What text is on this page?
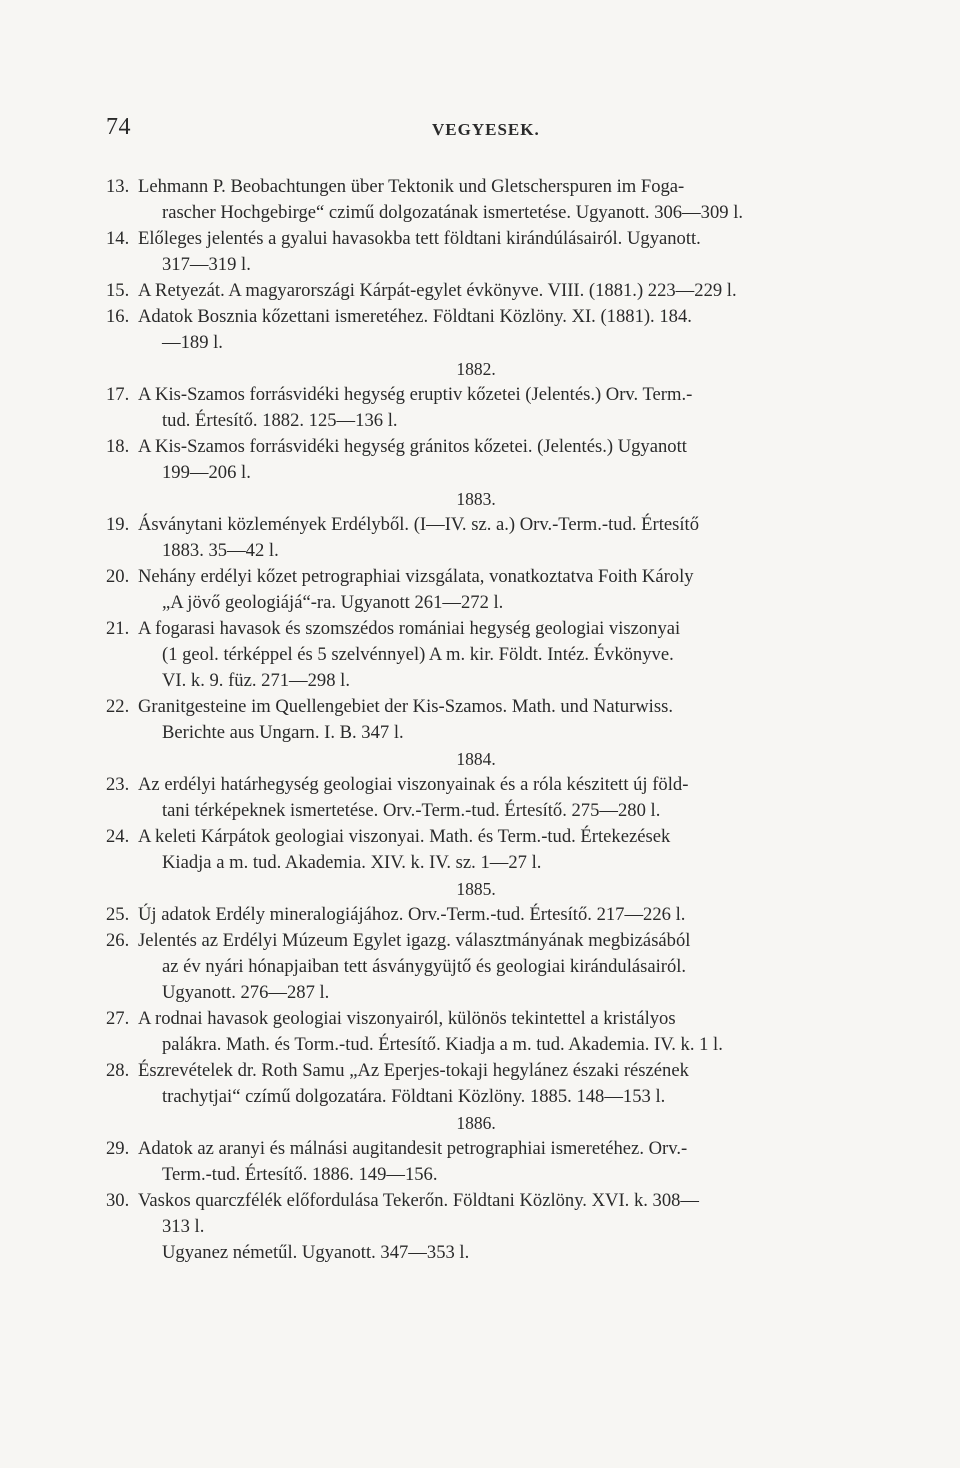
74	VEGYESEK.
13. Lehmann P. Beobachtungen über Tektonik und Gletscherspuren im Foga-
rascher Hochgebirge“ czimű dolgozatának ismertetése. Ugyanott. 306—309 l.
14. Előleges jelentés a gyalui havasokba tett földtani kirándúlásairól. Ugyanott.
317—319 l.
15. A Retyezát. A magyarországi Kárpát-egylet évkönyve. VIII. (1881.) 223—229 l.
16. Adatok Bosznia kőzettani ismeretéhez. Földtani Közlöny. XI. (1881). 184.
—189 l.
1882.
17. A Kis-Szamos forrásvidéki hegység eruptiv kőzetei (Jelentés.) Orv. Term.-
tud. Értesítő. 1882. 125—136 l.
18. A Kis-Szamos forrásvidéki hegység gránitos kőzetei. (Jelentés.) Ugyanott
199—206 l.
1883.
19. Ásványtani közlemények Erdélyből. (I—IV. sz. a.) Orv.-Term.-tud. Értesítő
1883. 35—42 l.
20. Nehány erdélyi kőzet petrographiai vizsgálata, vonatkoztatva Foith Károly
„A jövő geologiájá“-ra. Ugyanott 261—272 l.
21. A fogarasi havasok és szomszédos romániai hegység geologiai viszonyai
(1 geol. térképpel és 5 szelvénnyel) A m. kir. Földt. Intéz. Évkönyve.
VI. k. 9. füz. 271—298 l.
22. Granitgesteine im Quellengebiet der Kis-Szamos. Math. und Naturwiss.
Berichte aus Ungarn. I. B. 347 l.
1884.
23. Az erdélyi határhegység geologiai viszonyainak és a róla készitett új föld-
tani térképeknek ismertetése. Orv.-Term.-tud. Értesítő. 275—280 l.
24. A keleti Kárpátok geologiai viszonyai. Math. és Term.-tud. Értekezések
Kiadja a m. tud. Akademia. XIV. k. IV. sz. 1—27 l.
1885.
25. Új adatok Erdély mineralogiájához. Orv.-Term.-tud. Értesítő. 217—226 l.
26. Jelentés az Erdélyi Múzeum Egylet igazg. választmányának megbizásából
az év nyári hónapjaiban tett ásványgyüjtő és geologiai kirándulásairól.
Ugyanott. 276—287 l.
27. A rodnai havasok geologiai viszonyairól, különös tekintettel a kristályos
palákra. Math. és Torm.-tud. Értesítő. Kiadja a m. tud. Akademia. IV. k. 1 l.
28. Észrevételek dr. Roth Samu „Az Eperjes-tokaji hegylánez északi részének
trachytjai“ czímű dolgozatára. Földtani Közlöny. 1885. 148—153 l.
1886.
29. Adatok az aranyi és málnási augitandesit petrographiai ismeretéhez. Orv.-
Term.-tud. Értesítő. 1886. 149—156.
30. Vaskos quarczfélék előfordulása Tekerőn. Földtani Közlöny. XVI. k. 308—
313 l.
Ugyanez németűl. Ugyanott. 347—353 l.
